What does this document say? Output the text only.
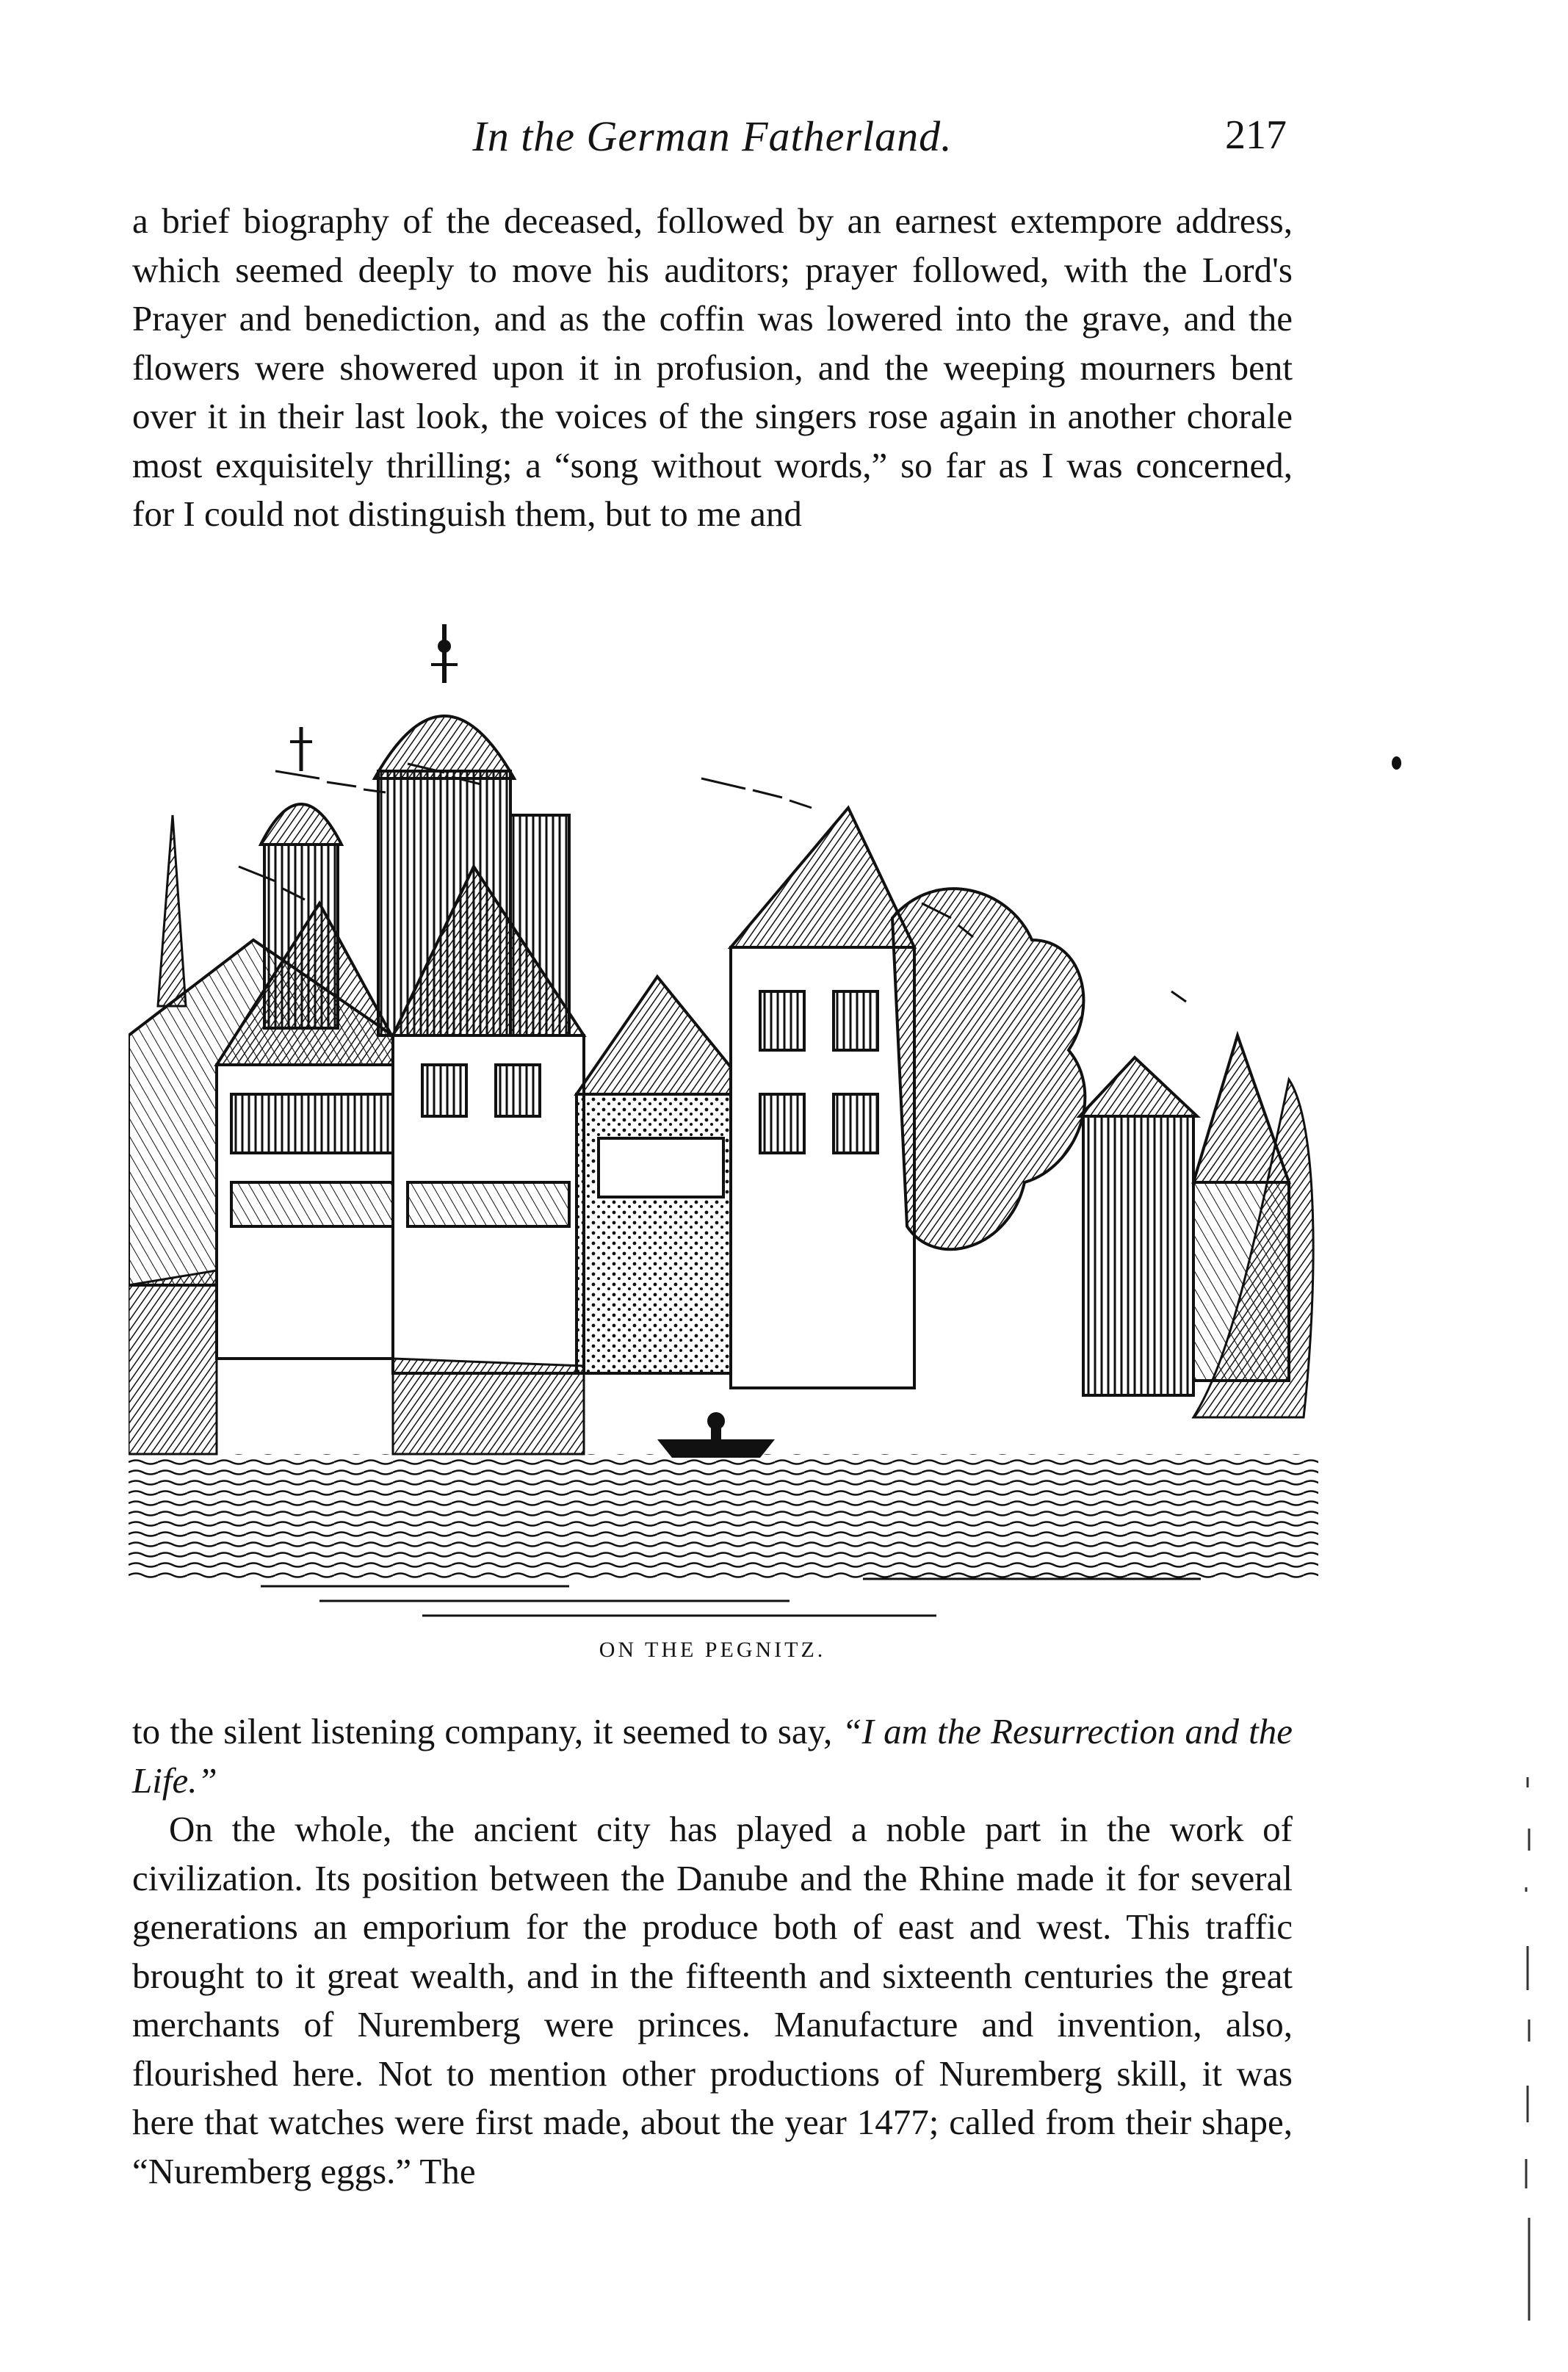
In the German Fatherland.	217

a brief biography of the deceased, followed by an earnest extempore address, which seemed deeply to move his auditors; prayer followed, with the Lord's Prayer and benediction, and as the coffin was lowered into the grave, and the flowers were showered upon it in profusion, and the weeping mourners bent over it in their last look, the voices of the singers rose again in another chorale most exquisitely thrilling; a “song without words,” so far as I was concerned, for I could not distinguish them, but to me and

ON THE PEGNITZ.

to the silent listening company, it seemed to say, “I am the Resurrection and the Life.”

On the whole, the ancient city has played a noble part in the work of civilization. Its position between the Danube and the Rhine made it for several generations an emporium for the produce both of east and west. This traffic brought to it great wealth, and in the fifteenth and sixteenth centuries the great merchants of Nuremberg were princes. Manufacture and invention, also, flourished here. Not to mention other productions of Nuremberg skill, it was here that watches were first made, about the year 1477; called from their shape, “Nuremberg eggs.” The
